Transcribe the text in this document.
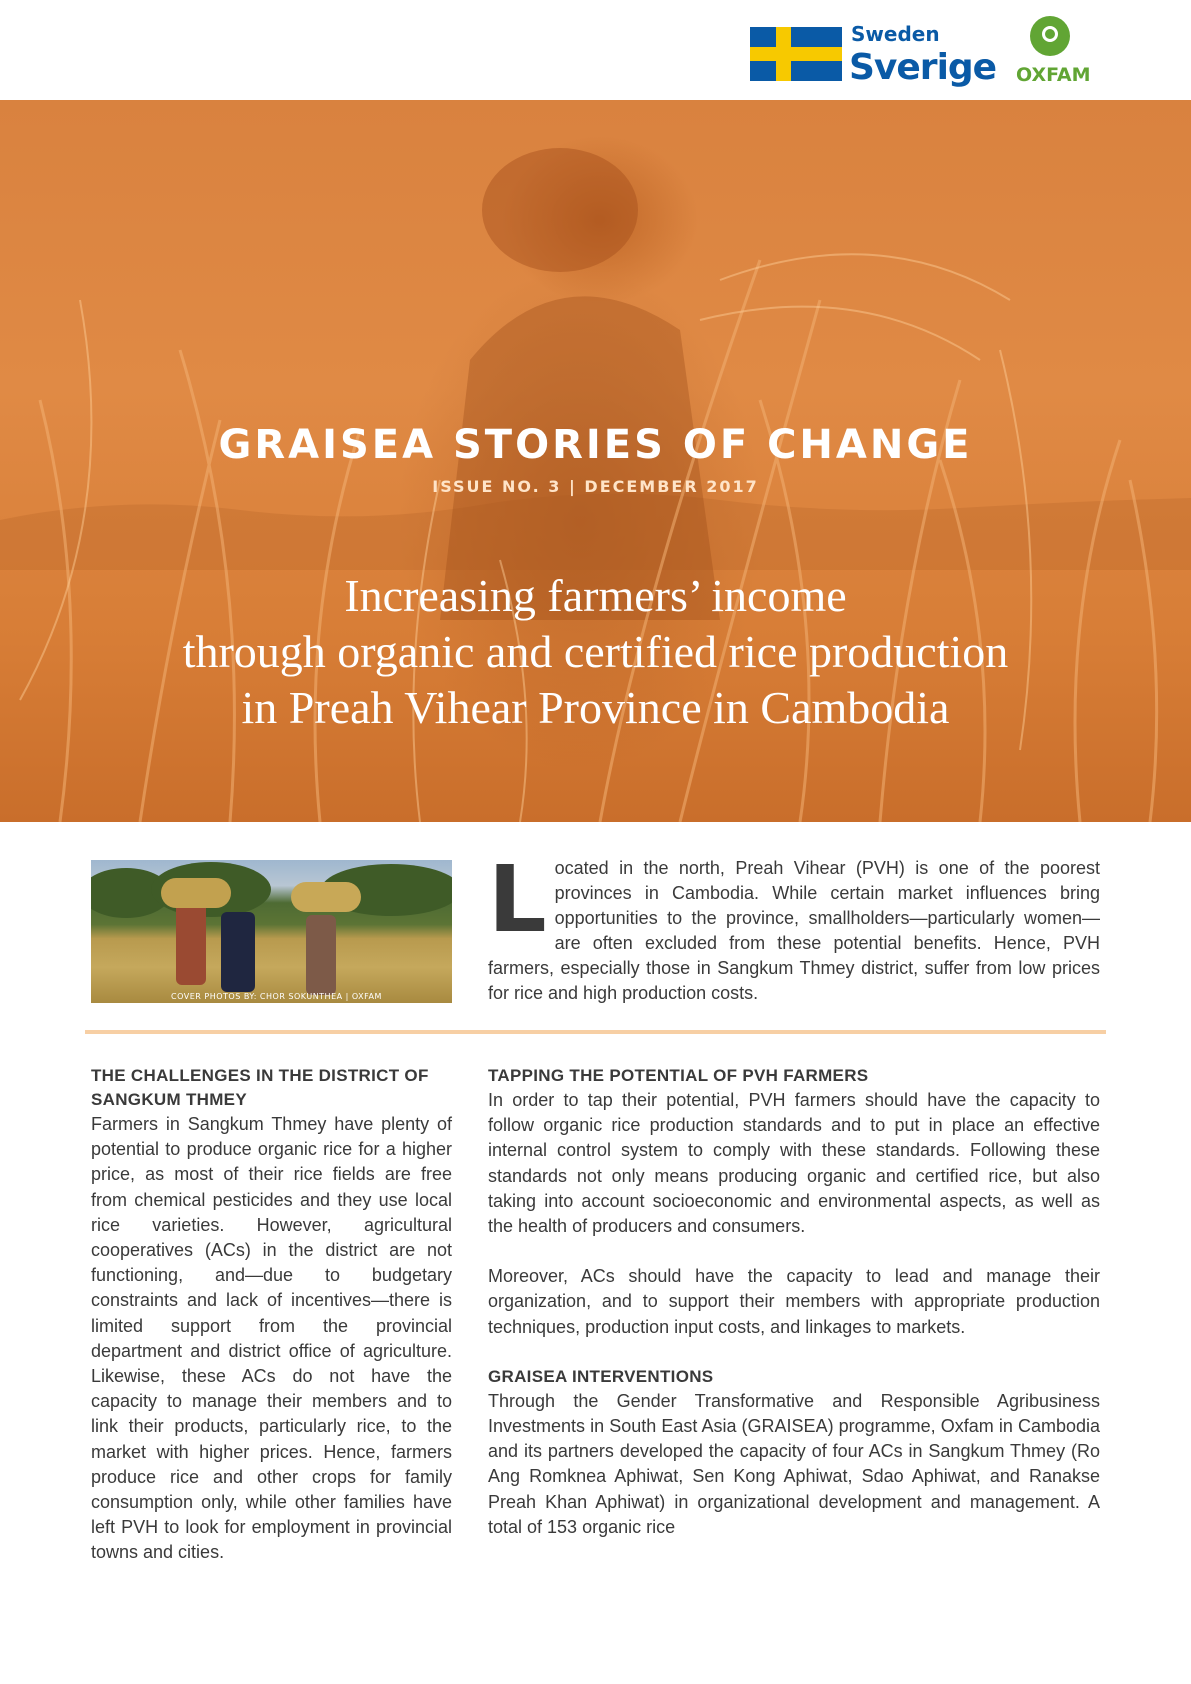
Sweden
Sverige OXFAM
GRAISEA STORIES OF CHANGE
ISSUE NO. 3 | DECEMBER 2017
Increasing farmers’ income
through organic and certified rice production
in Preah Vihear Province in Cambodia
COVER PHOTOS BY: CHOR SOKUNTHEA | OXFAM
L ocated in the north, Preah Vihear (PVH) is one of the poorest provinces in Cambodia. While certain market influences bring opportunities to the province, smallholders—particularly women—are often excluded from these potential benefits. Hence, PVH farmers, especially those in Sangkum Thmey district, suffer from low prices for rice and high production costs.
THE CHALLENGES IN THE DISTRICT OF SANGKUM THMEY

Farmers in Sangkum Thmey have plenty of potential to produce organic rice for a higher price, as most of their rice fields are free from chemical pesticides and they use local rice varieties. However, agricultural cooperatives (ACs) in the district are not functioning, and—due to budgetary constraints and lack of incentives—there is limited support from the provincial department and district office of agriculture. Likewise, these ACs do not have the capacity to manage their members and to link their products, particularly rice, to the market with higher prices. Hence, farmers produce rice and other crops for family consumption only, while other families have left PVH to look for employment in provincial towns and cities.

TAPPING THE POTENTIAL OF PVH FARMERS

In order to tap their potential, PVH farmers should have the capacity to follow organic rice production standards and to put in place an effective internal control system to comply with these standards. Following these standards not only means producing organic and certified rice, but also taking into account socioeconomic and environmental aspects, as well as the health of producers and consumers.

Moreover, ACs should have the capacity to lead and manage their organization, and to support their members with appropriate production techniques, production input costs, and linkages to markets.

GRAISEA INTERVENTIONS

Through the Gender Transformative and Responsible Agribusiness Investments in South East Asia (GRAISEA) programme, Oxfam in Cambodia and its partners developed the capacity of four ACs in Sangkum Thmey (Ro Ang Romknea Aphiwat, Sen Kong Aphiwat, Sdao Aphiwat, and Ranakse Preah Khan Aphiwat) in organizational development and management. A total of 153 organic rice
